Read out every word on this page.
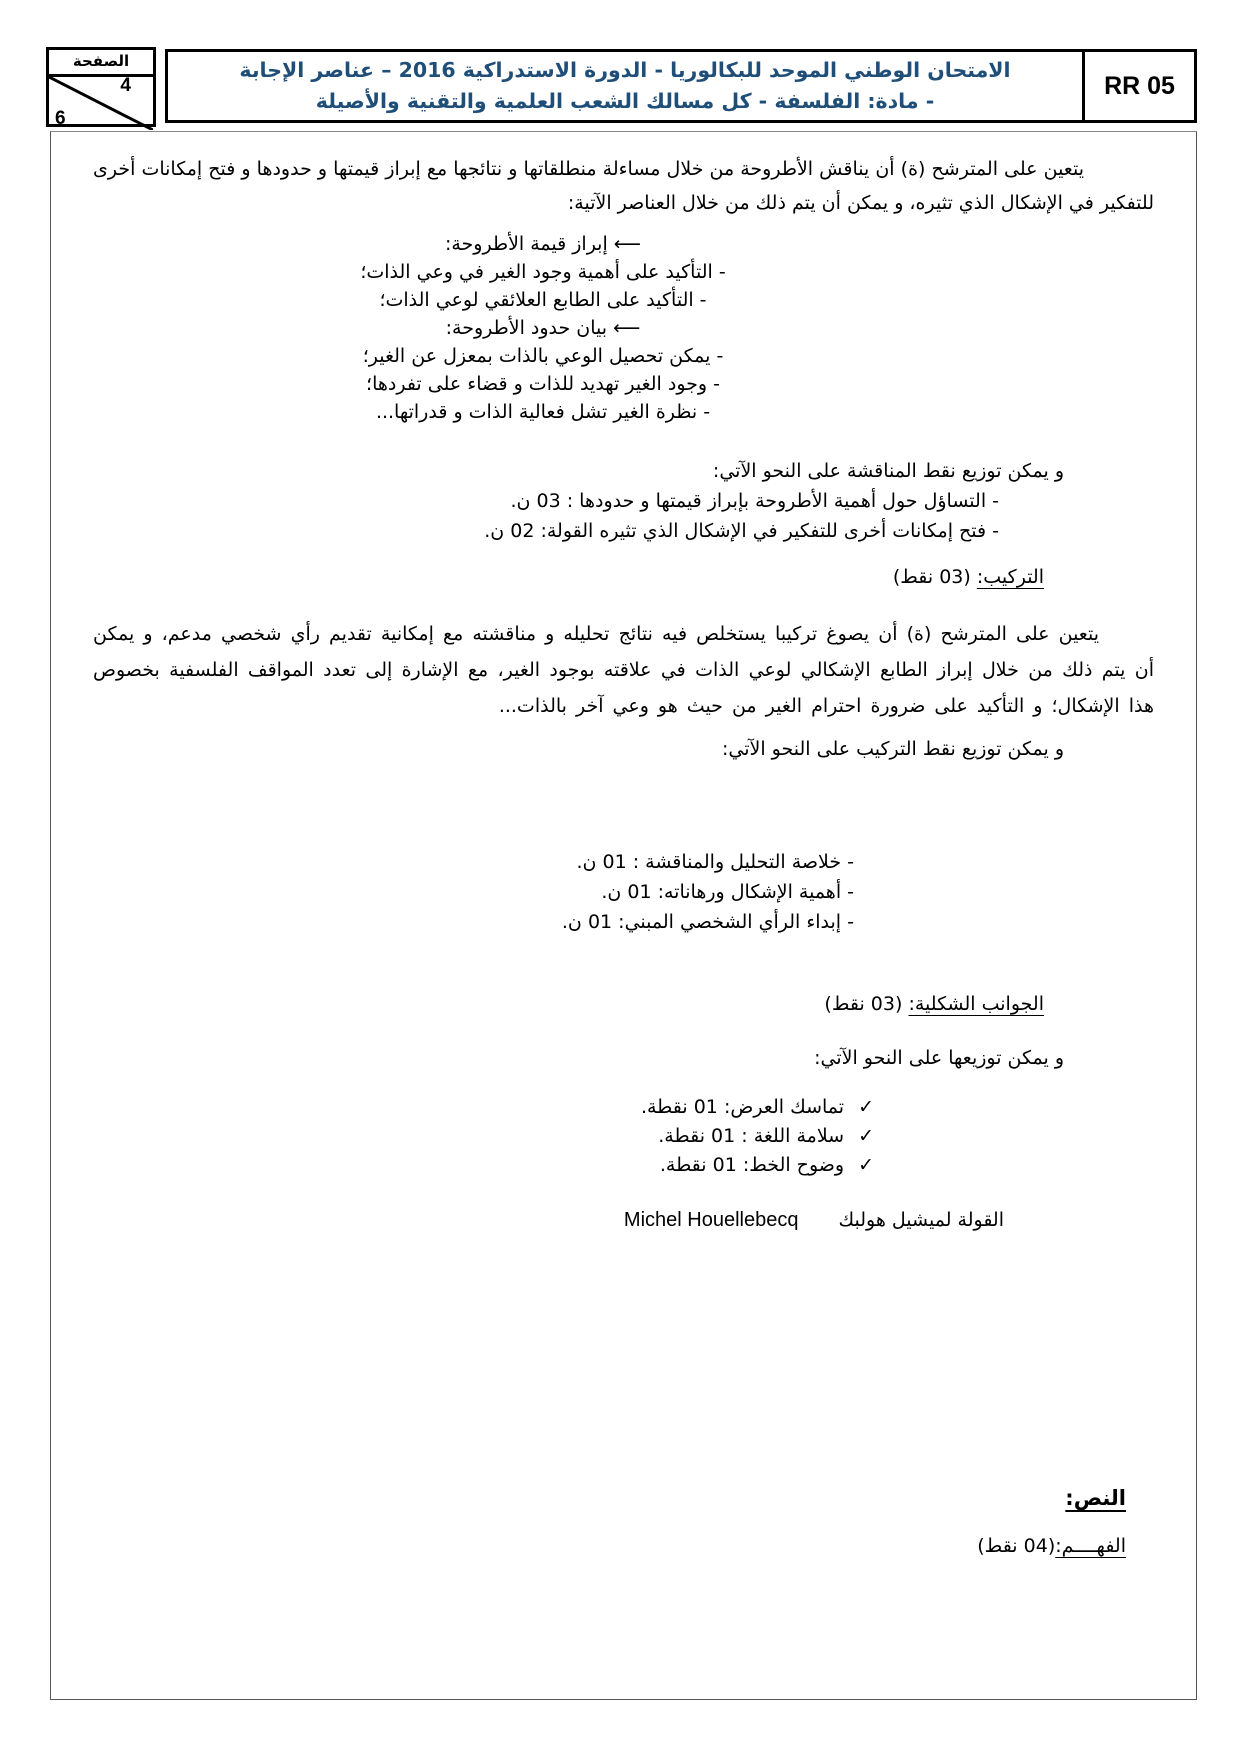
الصفحة
4
6
RR 05
الامتحان الوطني الموحد للبكالوريا - الدورة الاستدراكية 2016 – عناصر الإجابة
- مادة: الفلسفة - كل مسالك الشعب العلمية والتقنية والأصيلة

يتعين على المترشح (ة) أن يناقش الأطروحة من خلال مساءلة منطلقاتها و نتائجها مع إبراز قيمتها و حدودها و فتح إمكانات أخرى للتفكير في الإشكال الذي تثيره، و يمكن أن يتم ذلك من خلال العناصر الآتية:

⟵ إبراز قيمة الأطروحة:
- التأكيد على أهمية وجود الغير في وعي الذات؛
- التأكيد على الطابع العلائقي لوعي الذات؛
⟵ بيان حدود الأطروحة:
- يمكن تحصيل الوعي بالذات بمعزل عن الغير؛
- وجود الغير تهديد للذات و قضاء على تفردها؛
- نظرة الغير تشل فعالية الذات و قدراتها...
و يمكن توزيع نقط المناقشة على النحو الآتي:
- التساؤل حول أهمية الأطروحة بإبراز قيمتها و حدودها : 03 ن.
- فتح إمكانات أخرى للتفكير في الإشكال الذي تثيره القولة: 02 ن.
التركيب: (03 نقط)

يتعين على المترشح (ة) أن يصوغ تركيبا يستخلص فيه نتائج تحليله و مناقشته مع إمكانية تقديم رأي شخصي مدعم، و يمكن أن يتم ذلك من خلال إبراز الطابع الإشكالي لوعي الذات في علاقته بوجود الغير، مع الإشارة إلى تعدد المواقف الفلسفية بخصوص هذا الإشكال؛ و التأكيد على ضرورة احترام الغير من حيث هو وعي آخر بالذات...

و يمكن توزيع نقط التركيب على النحو الآتي:
- خلاصة التحليل والمناقشة : 01 ن.
- أهمية الإشكال ورهاناته: 01 ن.
- إبداء الرأي الشخصي المبني: 01 ن.
الجوانب الشكلية: (03 نقط)
و يمكن توزيعها على النحو الآتي:
✓تماسك العرض: 01 نقطة.
✓سلامة اللغة : 01 نقطة.
✓وضوح الخط: 01 نقطة.
القولة لميشيل هولبك Michel Houellebecq
النص:
الفهــــم:(04 نقط)
